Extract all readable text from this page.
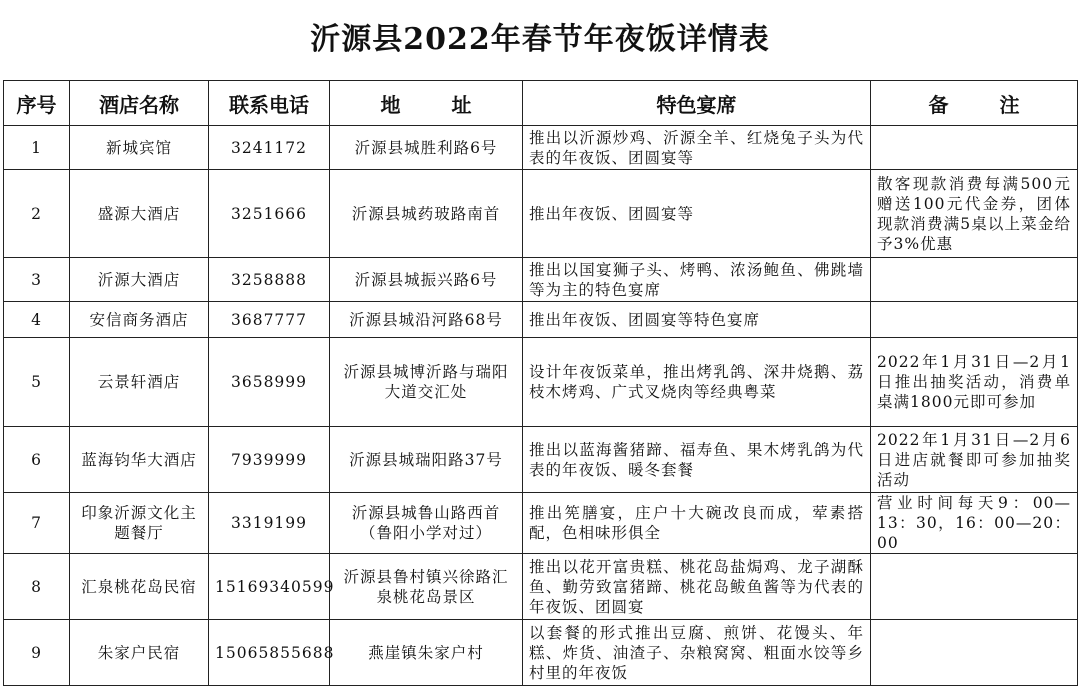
沂源县2022年春节年夜饭详情表
序号	酒店名称	联系电话	地 址	特色宴席	备 注
1	新城宾馆	3241172	沂源县城胜利路6号	推出以沂源炒鸡、沂源全羊、红烧兔子头为代表的年夜饭、团圆宴等	
2	盛源大酒店	3251666	沂源县城药玻路南首	推出年夜饭、团圆宴等	散客现款消费每满500元赠送100元代金券，团体现款消费满5桌以上菜金给予3%优惠
3	沂源大酒店	3258888	沂源县城振兴路6号	推出以国宴狮子头、烤鸭、浓汤鲍鱼、佛跳墙等为主的特色宴席	
4	安信商务酒店	3687777	沂源县城沿河路68号	推出年夜饭、团圆宴等特色宴席	
5	云景轩酒店	3658999	沂源县城博沂路与瑞阳大道交汇处	设计年夜饭菜单，推出烤乳鸽、深井烧鹅、荔枝木烤鸡、广式叉烧肉等经典粤菜	2022年1月31日—2月1日推出抽奖活动，消费单桌满1800元即可参加
6	蓝海钧华大酒店	7939999	沂源县城瑞阳路37号	推出以蓝海酱猪蹄、福寿鱼、果木烤乳鸽为代表的年夜饭、暖冬套餐	2022年1月31日—2月6日进店就餐即可参加抽奖活动
7	印象沂源文化主题餐厅	3319199	沂源县城鲁山路西首（鲁阳小学对过）	推出筅膳宴，庄户十大碗改良而成，荤素搭配，色相味形俱全	营业时间每天9：00—13：30，16：00—20：00
8	汇泉桃花岛民宿	15169340599	沂源县鲁村镇兴徐路汇泉桃花岛景区	推出以花开富贵糕、桃花岛盐焗鸡、龙子湖酥鱼、勤劳致富猪蹄、桃花岛鲅鱼酱等为代表的年夜饭、团圆宴	
9	朱家户民宿	15065855688	燕崖镇朱家户村	以套餐的形式推出豆腐、煎饼、花馒头、年糕、炸货、油渣子、杂粮窝窝、粗面水饺等乡村里的年夜饭	
